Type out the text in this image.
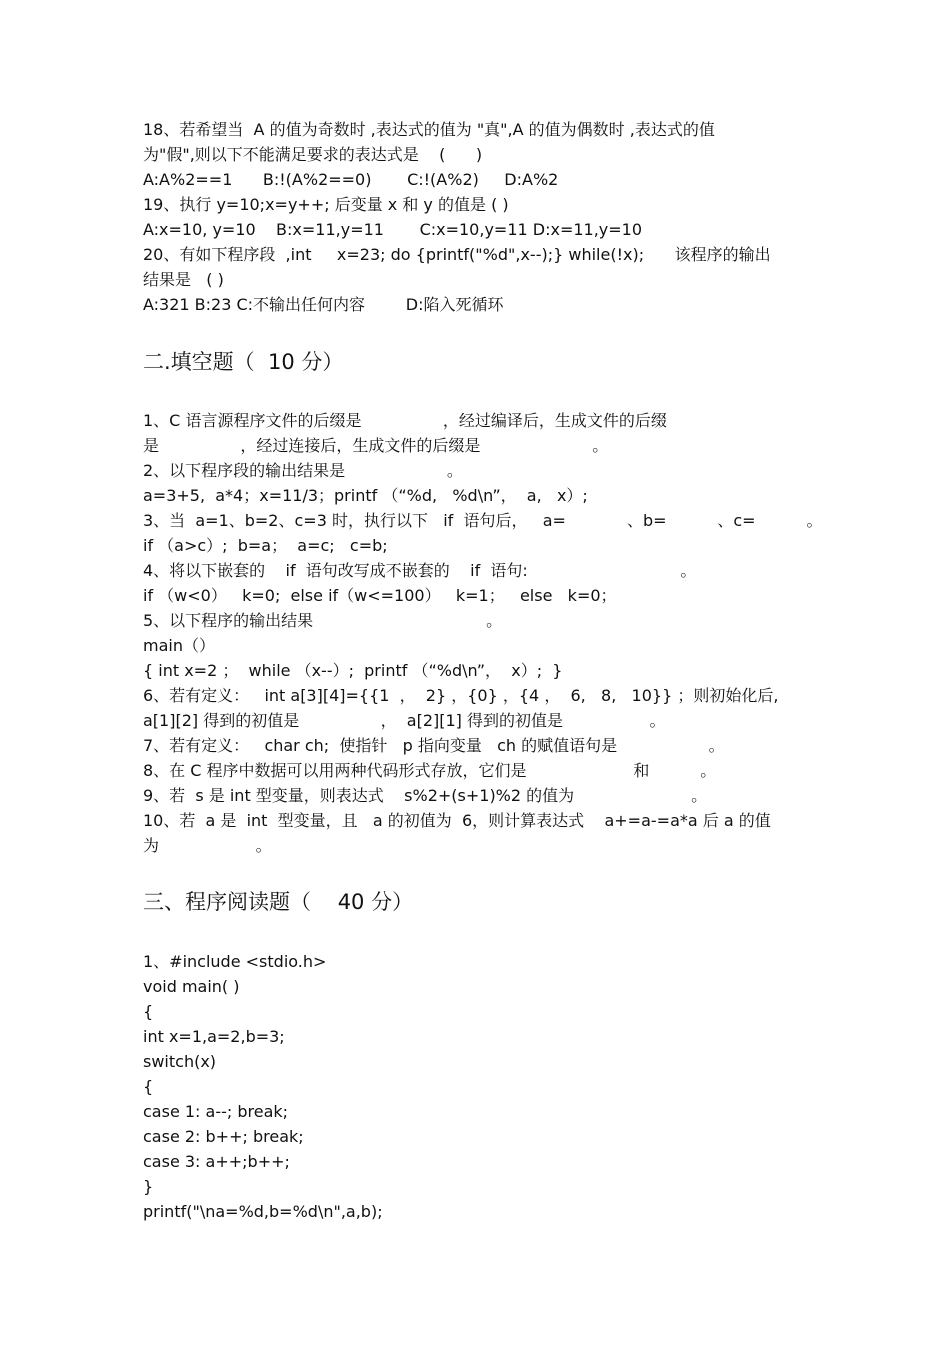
18、若希望当  A 的值为奇数时 ,表达式的值为 "真",A 的值为偶数时 ,表达式的值
为"假",则以下不能满足要求的表达式是    (      )
A:A%2==1      B:!(A%2==0)       C:!(A%2)     D:A%2
19、执行 y=10;x=y++; 后变量 x 和 y 的值是 ( )
A:x=10, y=10    B:x=11,y=11       C:x=10,y=11 D:x=11,y=10
20、有如下程序段  ,int     x=23; do {printf("%d",x--);} while(!x);      该程序的输出
结果是   ( )
A:321 B:23 C:不输出任何内容        D:陷入死循环
二.填空题（  10 分）
1、C 语言源程序文件的后缀是                ，经过编译后，生成文件的后缀
是                ，经过连接后，生成文件的后缀是                      。
2、以下程序段的输出结果是                    。
a=3+5,  a*4；x=11/3；printf （“%d,   %d\n”，  a,   x）;
3、当  a=1、b=2、c=3 时，执行以下   if  语句后，   a=            、b=          、c=          。
if （a>c）;  b=a；  a=c;   c=b;
4、将以下嵌套的    if  语句改写成不嵌套的    if  语句:                              。
if （w<0）   k=0;  else if（w<=100）   k=1；   else   k=0；
5、以下程序的输出结果                                  。
main（）
{ int x=2 ；  while （x--）;  printf （“%d\n”，  x）;  }
6、若有定义：   int a[3][4]={{1  ，  2} ，{0} ，{4 ，  6,   8,   10}} ；则初始化后,
a[1][2] 得到的初值是                ，  a[2][1] 得到的初值是                 。
7、若有定义：   char ch;  使指针   p 指向变量   ch 的赋值语句是                  。
8、在 C 程序中数据可以用两种代码形式存放，它们是                     和          。
9、若  s 是 int 型变量，则表达式    s%2+(s+1)%2 的值为                       。
10、若  a 是  int  型变量，且   a 的初值为  6，则计算表达式    a+=a-=a*a 后 a 的值
为                   。
三、程序阅读题（    40 分）
1、#include <stdio.h>
void main( )
{
int x=1,a=2,b=3;
switch(x)
{
case 1: a--; break;
case 2: b++; break;
case 3: a++;b++;
}
printf("\na=%d,b=%d\n",a,b);
